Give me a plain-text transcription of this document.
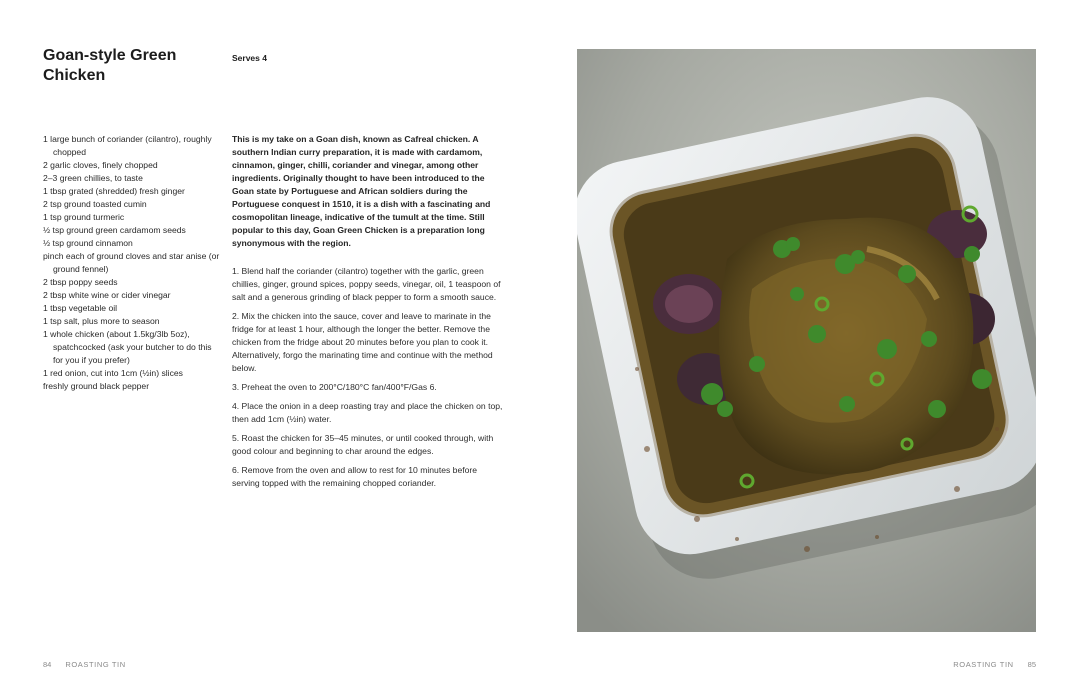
Goan-style Green Chicken
Serves 4
1 large bunch of coriander (cilantro), roughly chopped
2 garlic cloves, finely chopped
2–3 green chillies, to taste
1 tbsp grated (shredded) fresh ginger
2 tsp ground toasted cumin
1 tsp ground turmeric
½ tsp ground green cardamom seeds
½ tsp ground cinnamon
pinch each of ground cloves and star anise (or ground fennel)
2 tbsp poppy seeds
2 tbsp white wine or cider vinegar
1 tbsp vegetable oil
1 tsp salt, plus more to season
1 whole chicken (about 1.5kg/3lb 5oz), spatchcocked (ask your butcher to do this for you if you prefer)
1 red onion, cut into 1cm (½in) slices
freshly ground black pepper

This is my take on a Goan dish, known as Cafreal chicken. A southern Indian curry preparation, it is made with cardamom, cinnamon, ginger, chilli, coriander and vinegar, among other ingredients. Originally thought to have been introduced to the Goan state by Portuguese and African soldiers during the Portuguese conquest in 1510, it is a dish with a fascinating and cosmopolitan lineage, indicative of the tumult at the time. Still popular to this day, Goan Green Chicken is a preparation long synonymous with the region.

1. Blend half the coriander (cilantro) together with the garlic, green chillies, ginger, ground spices, poppy seeds, vinegar, oil, 1 teaspoon of salt and a generous grinding of black pepper to form a smooth sauce.
2. Mix the chicken into the sauce, cover and leave to marinate in the fridge for at least 1 hour, although the longer the better. Remove the chicken from the fridge about 20 minutes before you plan to cook it. Alternatively, forgo the marinating time and continue with the method below.
3. Preheat the oven to 200°C/180°C fan/400°F/Gas 6.
4. Place the onion in a deep roasting tray and place the chicken on top, then add 1cm (½in) water.
5. Roast the chicken for 35–45 minutes, or until cooked through, with good colour and beginning to char around the edges.
6. Remove from the oven and allow to rest for 10 minutes before serving topped with the remaining chopped coriander.
84 ROASTING TIN	ROASTING TIN 85
